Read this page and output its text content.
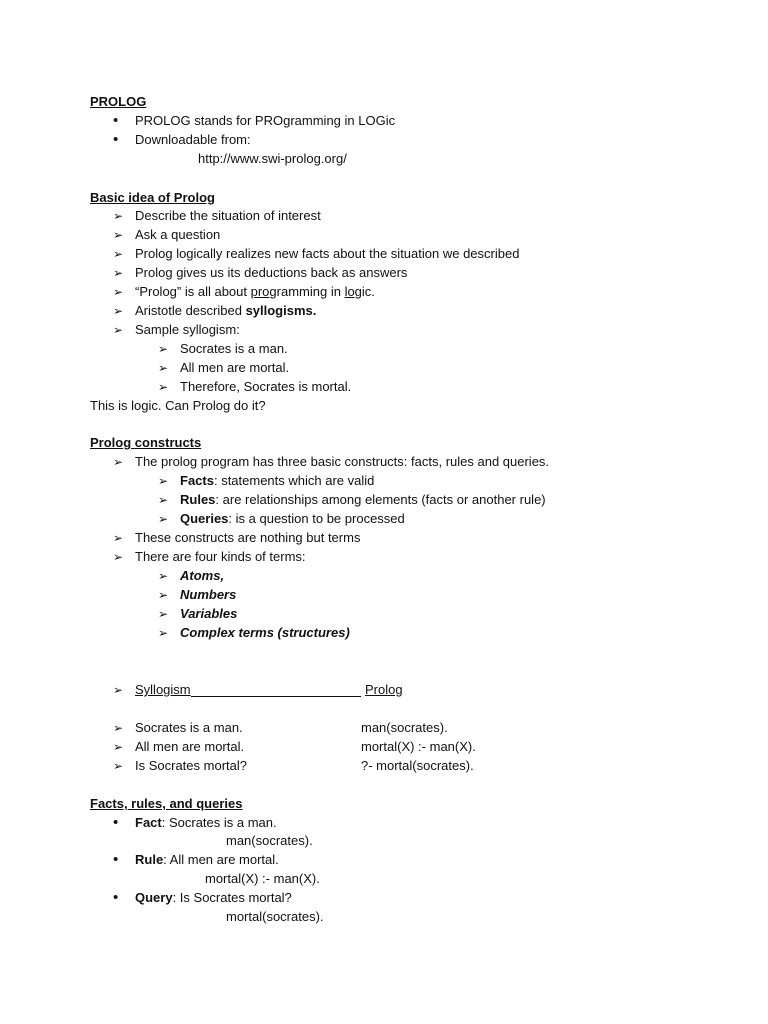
PROLOG
• PROLOG stands for PROgramming in LOGic
• Downloadable from:
http://www.swi-prolog.org/
Basic idea of Prolog
➢ Describe the situation of interest
➢ Ask a question
➢ Prolog logically realizes new facts about the situation we described
➢ Prolog gives us its deductions back as answers
➢ “Prolog” is all about programming in logic.
➢ Aristotle described syllogisms.
➢ Sample syllogism:
➢ Socrates is a man.
➢ All men are mortal.
➢ Therefore, Socrates is mortal.
This is logic. Can Prolog do it?
Prolog constructs
➢ The prolog program has three basic constructs: facts, rules and queries.
➢ Facts: statements which are valid
➢ Rules: are relationships among elements (facts or another rule)
➢ Queries: is a question to be processed
➢ These constructs are nothing but terms
➢ There are four kinds of terms:
➢ Atoms,
➢ Numbers
➢ Variables
➢ Complex terms (structures)
➢ Syllogism	Prolog
➢ Socrates is a man.	man(socrates).
➢ All men are mortal.	mortal(X) :- man(X).
➢ Is Socrates mortal?	?- mortal(socrates).
Facts, rules, and queries
• Fact: Socrates is a man.
man(socrates).
• Rule: All men are mortal.
mortal(X) :- man(X).
• Query: Is Socrates mortal?
mortal(socrates).
